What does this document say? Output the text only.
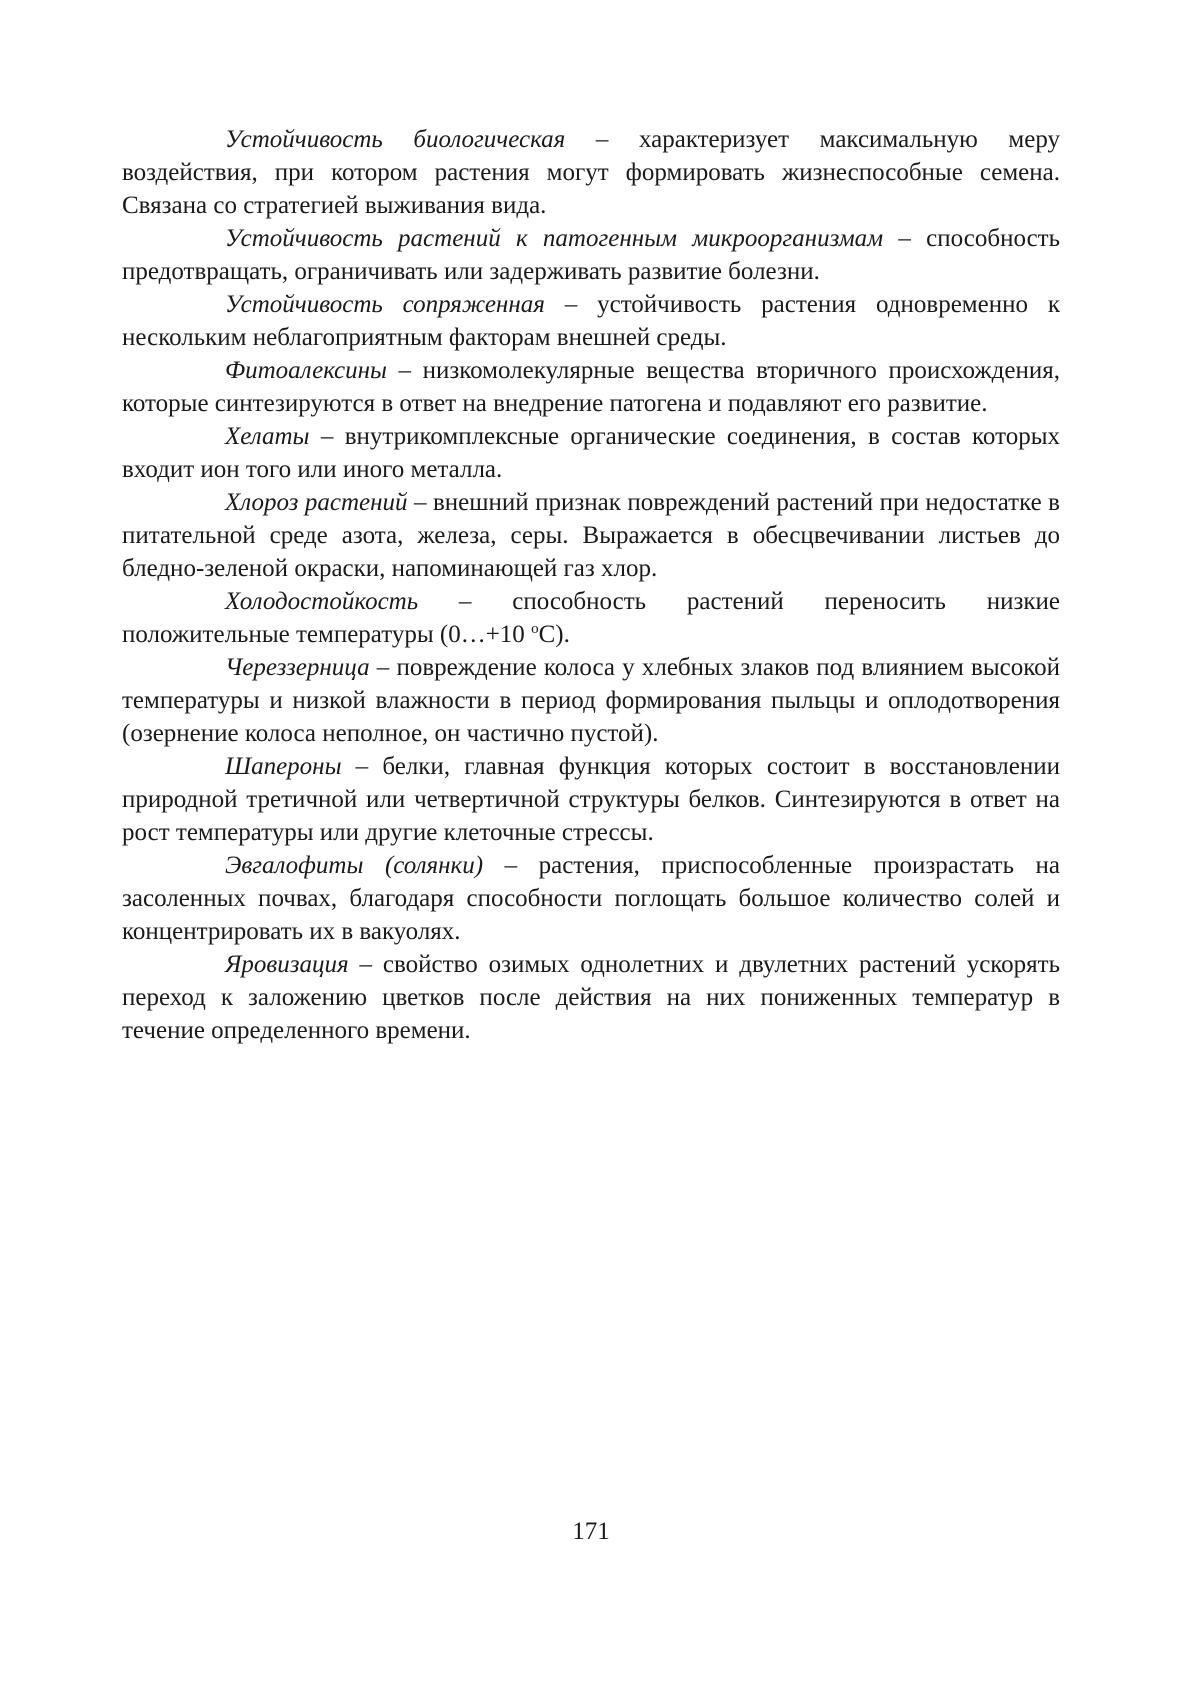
Устойчивость биологическая – характеризует максимальную меру воздействия, при котором растения могут формировать жизнеспособные семена. Связана со стратегией выживания вида.

Устойчивость растений к патогенным микроорганизмам – способность предотвращать, ограничивать или задерживать развитие болезни.

Устойчивость сопряженная – устойчивость растения одновременно к нескольким неблагоприятным факторам внешней среды.

Фитоалексины – низкомолекулярные вещества вторичного происхождения, которые синтезируются в ответ на внедрение патогена и подавляют его развитие.

Хелаты – внутрикомплексные органические соединения, в состав которых входит ион того или иного металла.

Хлороз растений – внешний признак повреждений растений при недостатке в питательной среде азота, железа, серы. Выражается в обесцвечивании листьев до бледно-зеленой окраски, напоминающей газ хлор.

Холодостойкость – способность растений переносить низкие положительные температуры (0…+10 оС).

Череззерница – повреждение колоса у хлебных злаков под влиянием высокой температуры и низкой влажности в период формирования пыльцы и оплодотворения (озернение колоса неполное, он частично пустой).

Шапероны – белки, главная функция которых состоит в восстановлении природной третичной или четвертичной структуры белков. Синтезируются в ответ на рост температуры или другие клеточные стрессы.

Эвгалофиты (солянки) – растения, приспособленные произрастать на засоленных почвах, благодаря способности поглощать большое количество солей и концентрировать их в вакуолях.

Яровизация – свойство озимых однолетних и двулетних растений ускорять переход к заложению цветков после действия на них пониженных температур в течение определенного времени.

171
